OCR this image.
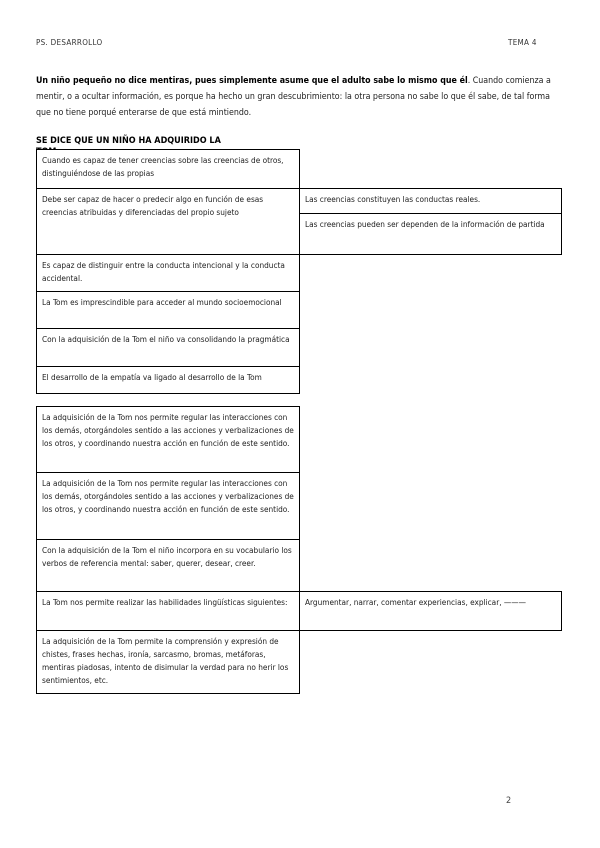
PS. DESARROLLO	TEMA 4
Un niño pequeño no dice mentiras, pues simplemente asume que el adulto sabe lo mismo que él. Cuando comienza a mentir, o a ocultar información, es porque ha hecho un gran descubrimiento: la otra persona no sabe lo que él sabe, de tal forma que no tiene porqué enterarse de que está mintiendo.
SE DICE QUE UN NIÑO HA ADQUIRIDO LA
Cuando es capaz de tener creencias sobre las creencias de otros, distinguiéndose de las propias
Debe ser capaz de hacer o predecir algo en función de esas creencias atribuidas y diferenciadas del propio sujeto
Las creencias constituyen las conductas reales.
Las creencias pueden ser dependen de la información de partida
Es capaz de distinguir entre la conducta intencional y la conducta accidental.
La Tom es imprescindible para acceder al mundo socioemocional
Con la adquisición de la Tom el niño va consolidando la pragmática
El desarrollo de la empatía va ligado al desarrollo de la Tom
La adquisición de la Tom nos permite regular las interacciones con los demás, otorgándoles sentido a las acciones y verbalizaciones de los otros, y coordinando nuestra acción en función de este sentido.
La adquisición de la Tom nos permite regular las interacciones con los demás, otorgándoles sentido a las acciones y verbalizaciones de los otros, y coordinando nuestra acción en función de este sentido.
Con la adquisición de la Tom el niño incorpora en su vocabulario los verbos de referencia mental: saber, querer, desear, creer.
La Tom nos permite realizar las habilidades lingüísticas siguientes:	Argumentar, narrar, comentar experiencias, explicar, ———
La adquisición de la Tom permite la comprensión y expresión de chistes, frases hechas, ironía, sarcasmo, bromas, metáforas, mentiras piadosas, intento de disimular la verdad para no herir los sentimientos, etc.
2
